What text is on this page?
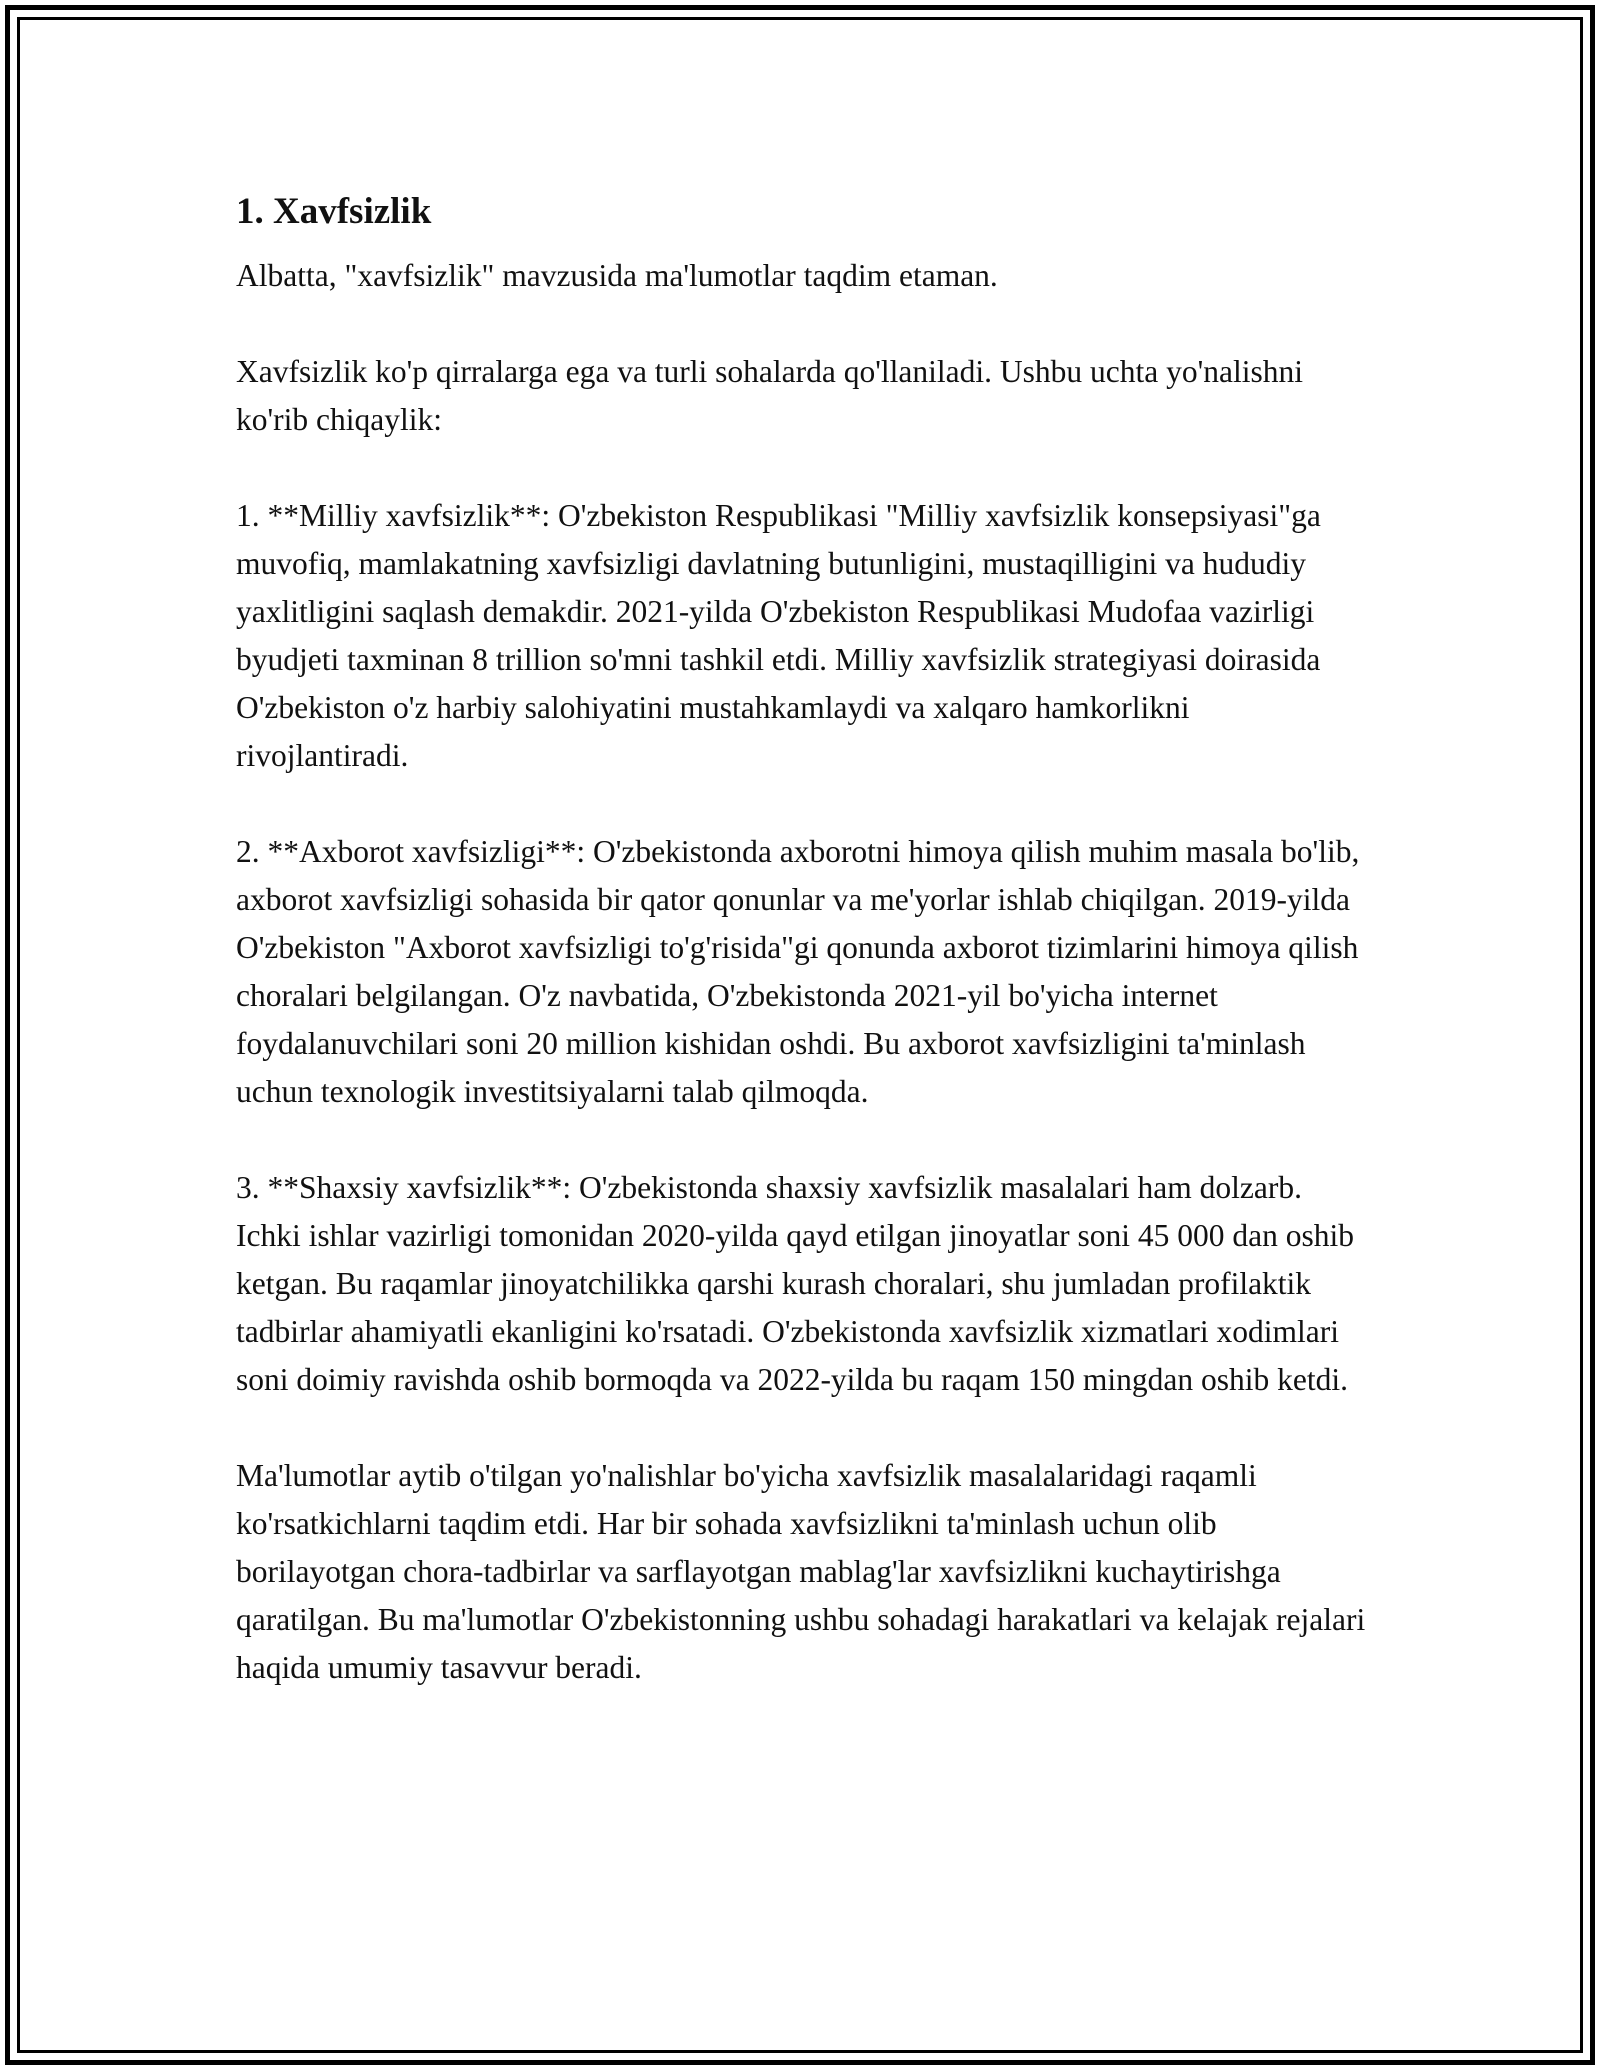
1. Xavfsizlik

Albatta, "xavfsizlik" mavzusida ma'lumotlar taqdim etaman.

Xavfsizlik ko'p qirralarga ega va turli sohalarda qo'llaniladi. Ushbu uchta yo'nalishni ko'rib chiqaylik:

1. **Milliy xavfsizlik**: O'zbekiston Respublikasi "Milliy xavfsizlik konsepsiyasi"ga muvofiq, mamlakatning xavfsizligi davlatning butunligini, mustaqilligini va hududiy yaxlitligini saqlash demakdir. 2021-yilda O'zbekiston Respublikasi Mudofaa vazirligi byudjeti taxminan 8 trillion so'mni tashkil etdi. Milliy xavfsizlik strategiyasi doirasida O'zbekiston o'z harbiy salohiyatini mustahkamlaydi va xalqaro hamkorlikni rivojlantiradi.

2. **Axborot xavfsizligi**: O'zbekistonda axborotni himoya qilish muhim masala bo'lib, axborot xavfsizligi sohasida bir qator qonunlar va me'yorlar ishlab chiqilgan. 2019-yilda O'zbekiston "Axborot xavfsizligi to'g'risida"gi qonunda axborot tizimlarini himoya qilish choralari belgilangan. O'z navbatida, O'zbekistonda 2021-yil bo'yicha internet foydalanuvchilari soni 20 million kishidan oshdi. Bu axborot xavfsizligini ta'minlash uchun texnologik investitsiyalarni talab qilmoqda.

3. **Shaxsiy xavfsizlik**: O'zbekistonda shaxsiy xavfsizlik masalalari ham dolzarb. Ichki ishlar vazirligi tomonidan 2020-yilda qayd etilgan jinoyatlar soni 45 000 dan oshib ketgan. Bu raqamlar jinoyatchilikka qarshi kurash choralari, shu jumladan profilaktik tadbirlar ahamiyatli ekanligini ko'rsatadi. O'zbekistonda xavfsizlik xizmatlari xodimlari soni doimiy ravishda oshib bormoqda va 2022-yilda bu raqam 150 mingdan oshib ketdi.

Ma'lumotlar aytib o'tilgan yo'nalishlar bo'yicha xavfsizlik masalalaridagi raqamli ko'rsatkichlarni taqdim etdi. Har bir sohada xavfsizlikni ta'minlash uchun olib borilayotgan chora-tadbirlar va sarflayotgan mablag'lar xavfsizlikni kuchaytirishga qaratilgan. Bu ma'lumotlar O'zbekistonning ushbu sohadagi harakatlari va kelajak rejalari haqida umumiy tasavvur beradi.
